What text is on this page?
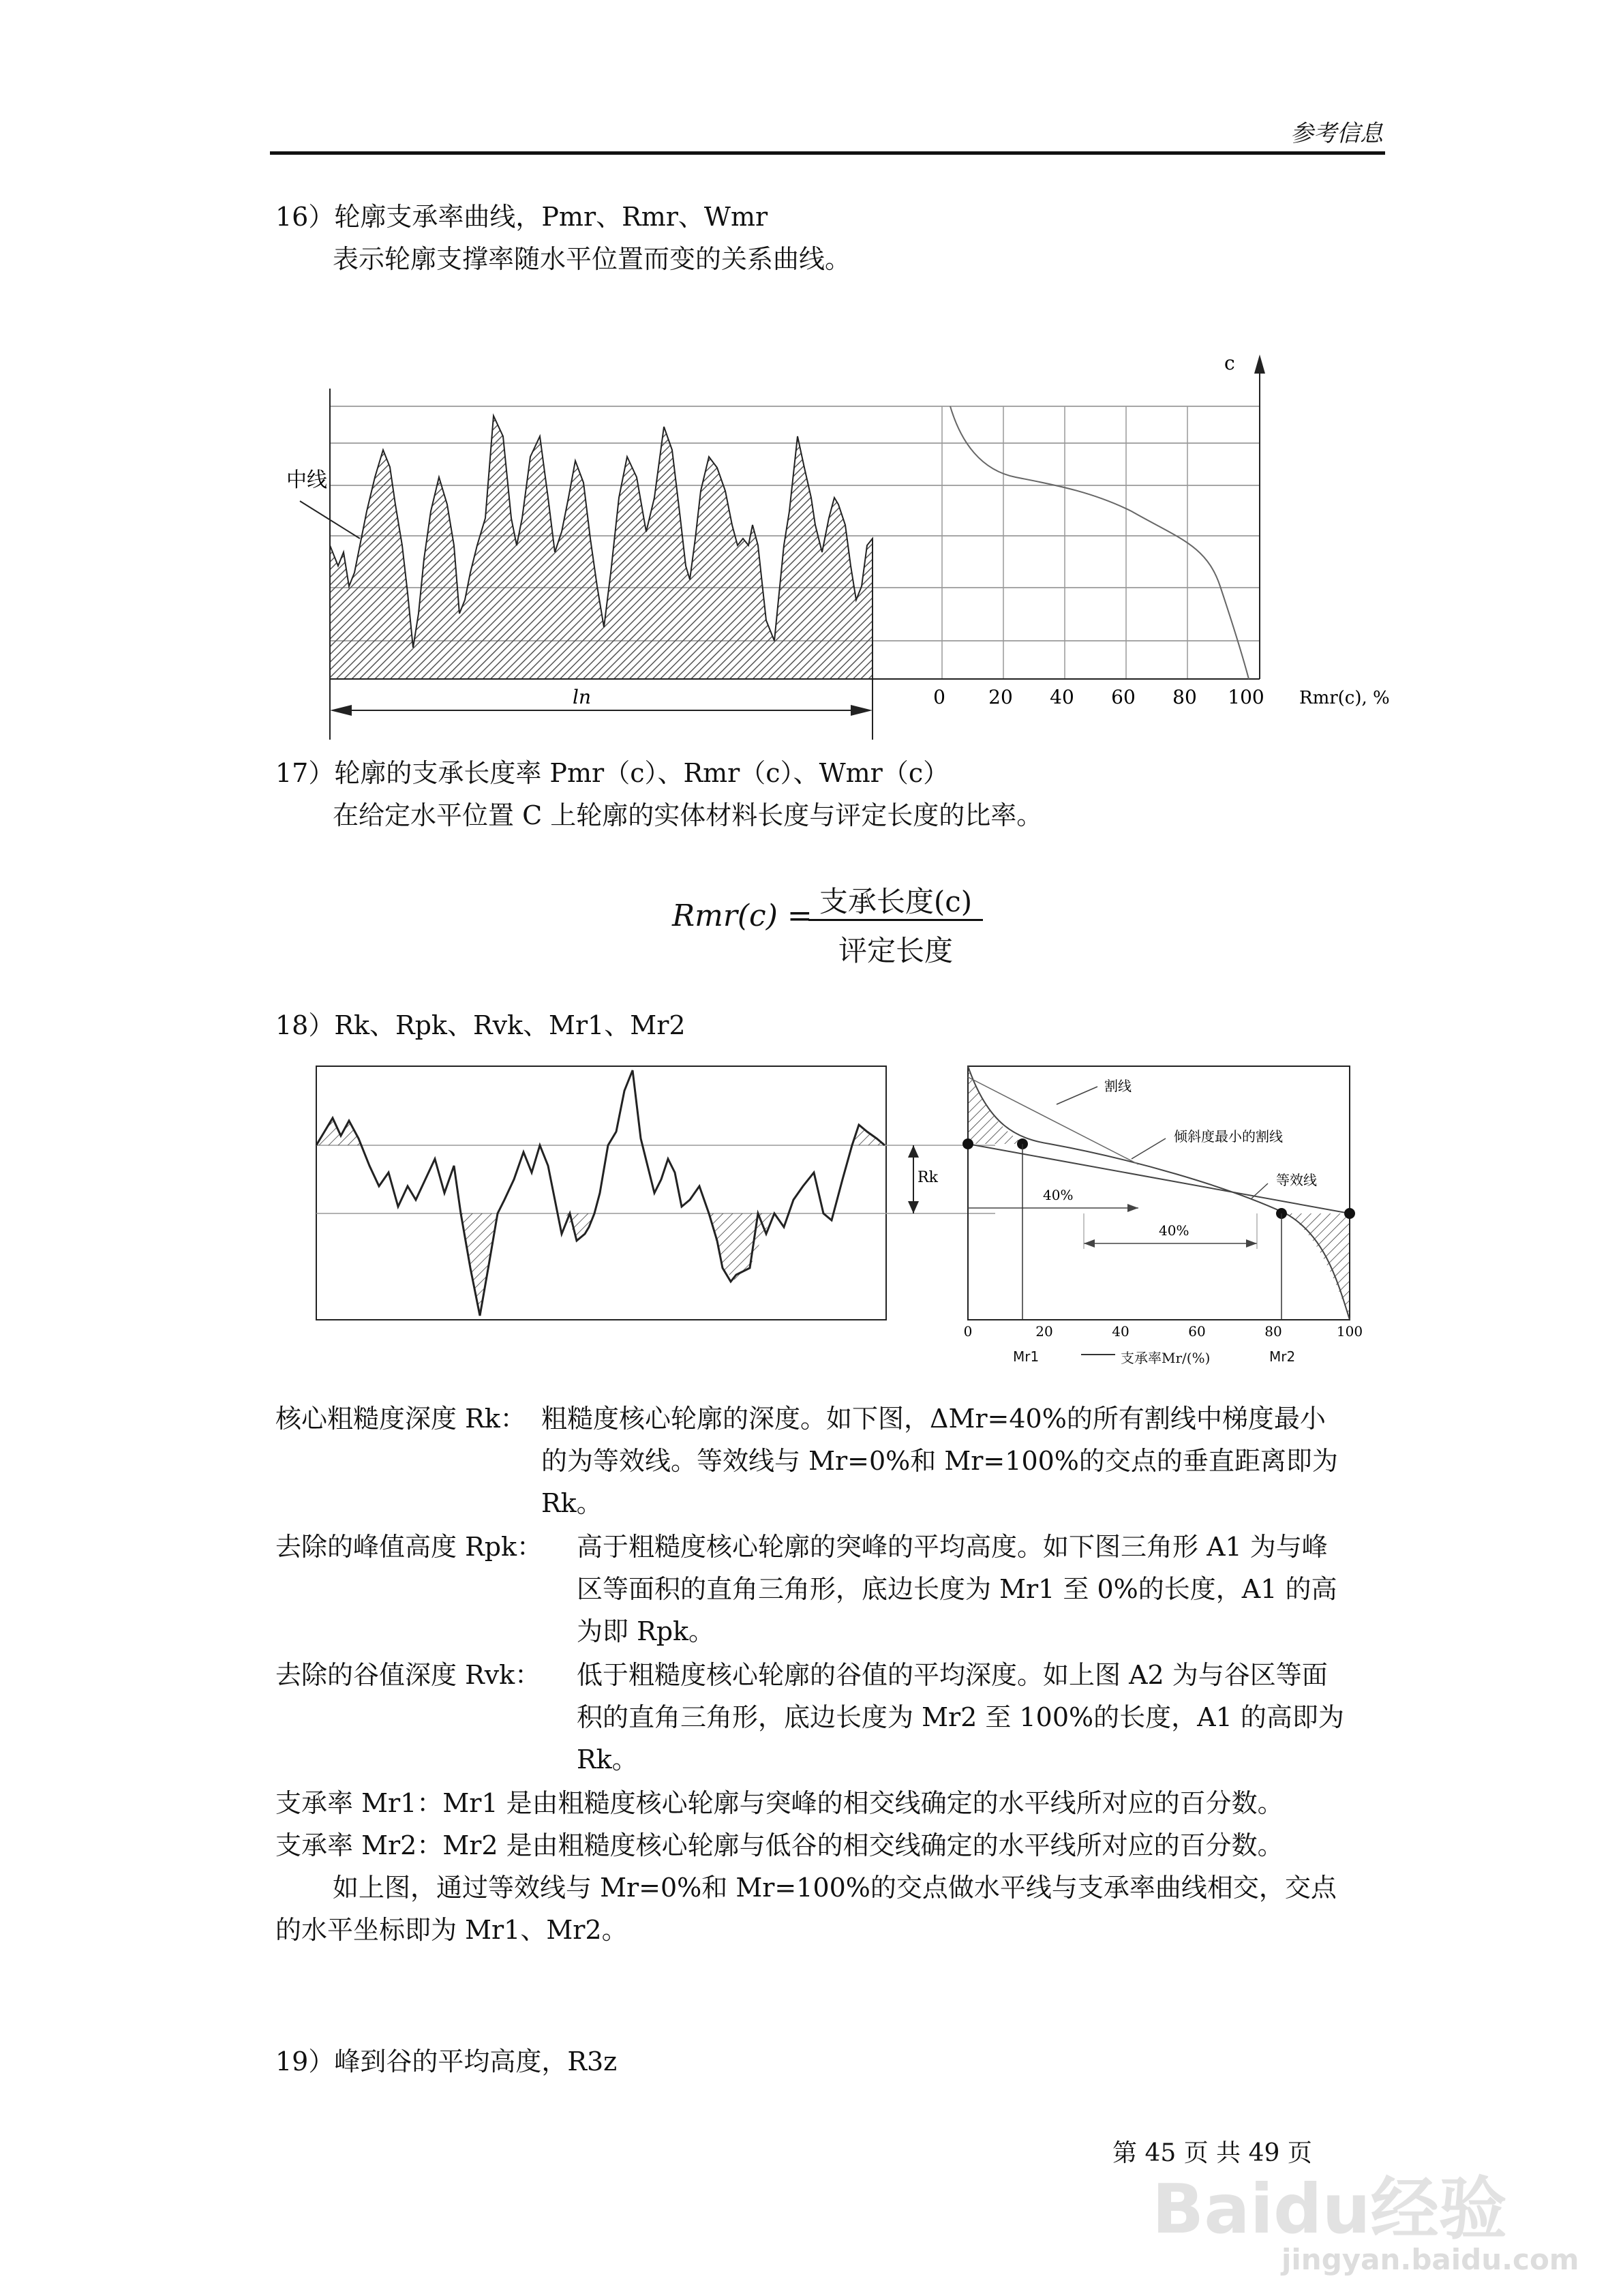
参考信息
16）轮廓支承率曲线，Pmr、Rmr、Wmr
表示轮廓支撑率随水平位置而变的关系曲线。
中线
c
ln	0 20 40 60 80 100 Rmr(c), %
17）轮廓的支承长度率 Pmr（c）、Rmr（c）、Wmr（c）
在给定水平位置 C 上轮廓的实体材料长度与评定长度的比率。
Rmr(c) = 支承长度(c)
评定长度
18）Rk、Rpk、Rvk、Mr1、Mr2
Rk
40%
40%
割线
倾斜度最小的割线
等效线
0	20	40	60	80	100
Mr1	Mr2
支承率Mr/(%)
核心粗糙度深度 Rk： 粗糙度核心轮廓的深度。如下图，ΔMr=40%的所有割线中梯度最小
的为等效线。等效线与 Mr=0%和 Mr=100%的交点的垂直距离即为
Rk。
去除的峰值高度 Rpk： 高于粗糙度核心轮廓的突峰的平均高度。如下图三角形 A1 为与峰
区等面积的直角三角形，底边长度为 Mr1 至 0%的长度，A1 的高
为即 Rpk。
去除的谷值深度 Rvk： 低于粗糙度核心轮廓的谷值的平均深度。如上图 A2 为与谷区等面
积的直角三角形，底边长度为 Mr2 至 100%的长度，A1 的高即为
Rk。
支承率 Mr1：Mr1 是由粗糙度核心轮廓与突峰的相交线确定的水平线所对应的百分数。
支承率 Mr2：Mr2 是由粗糙度核心轮廓与低谷的相交线确定的水平线所对应的百分数。
如上图，通过等效线与 Mr=0%和 Mr=100%的交点做水平线与支承率曲线相交，交点
的水平坐标即为 Mr1、Mr2。
19）峰到谷的平均高度，R3z
第 45 页 共 49 页
Baidu经验
jingyan.baidu.com
